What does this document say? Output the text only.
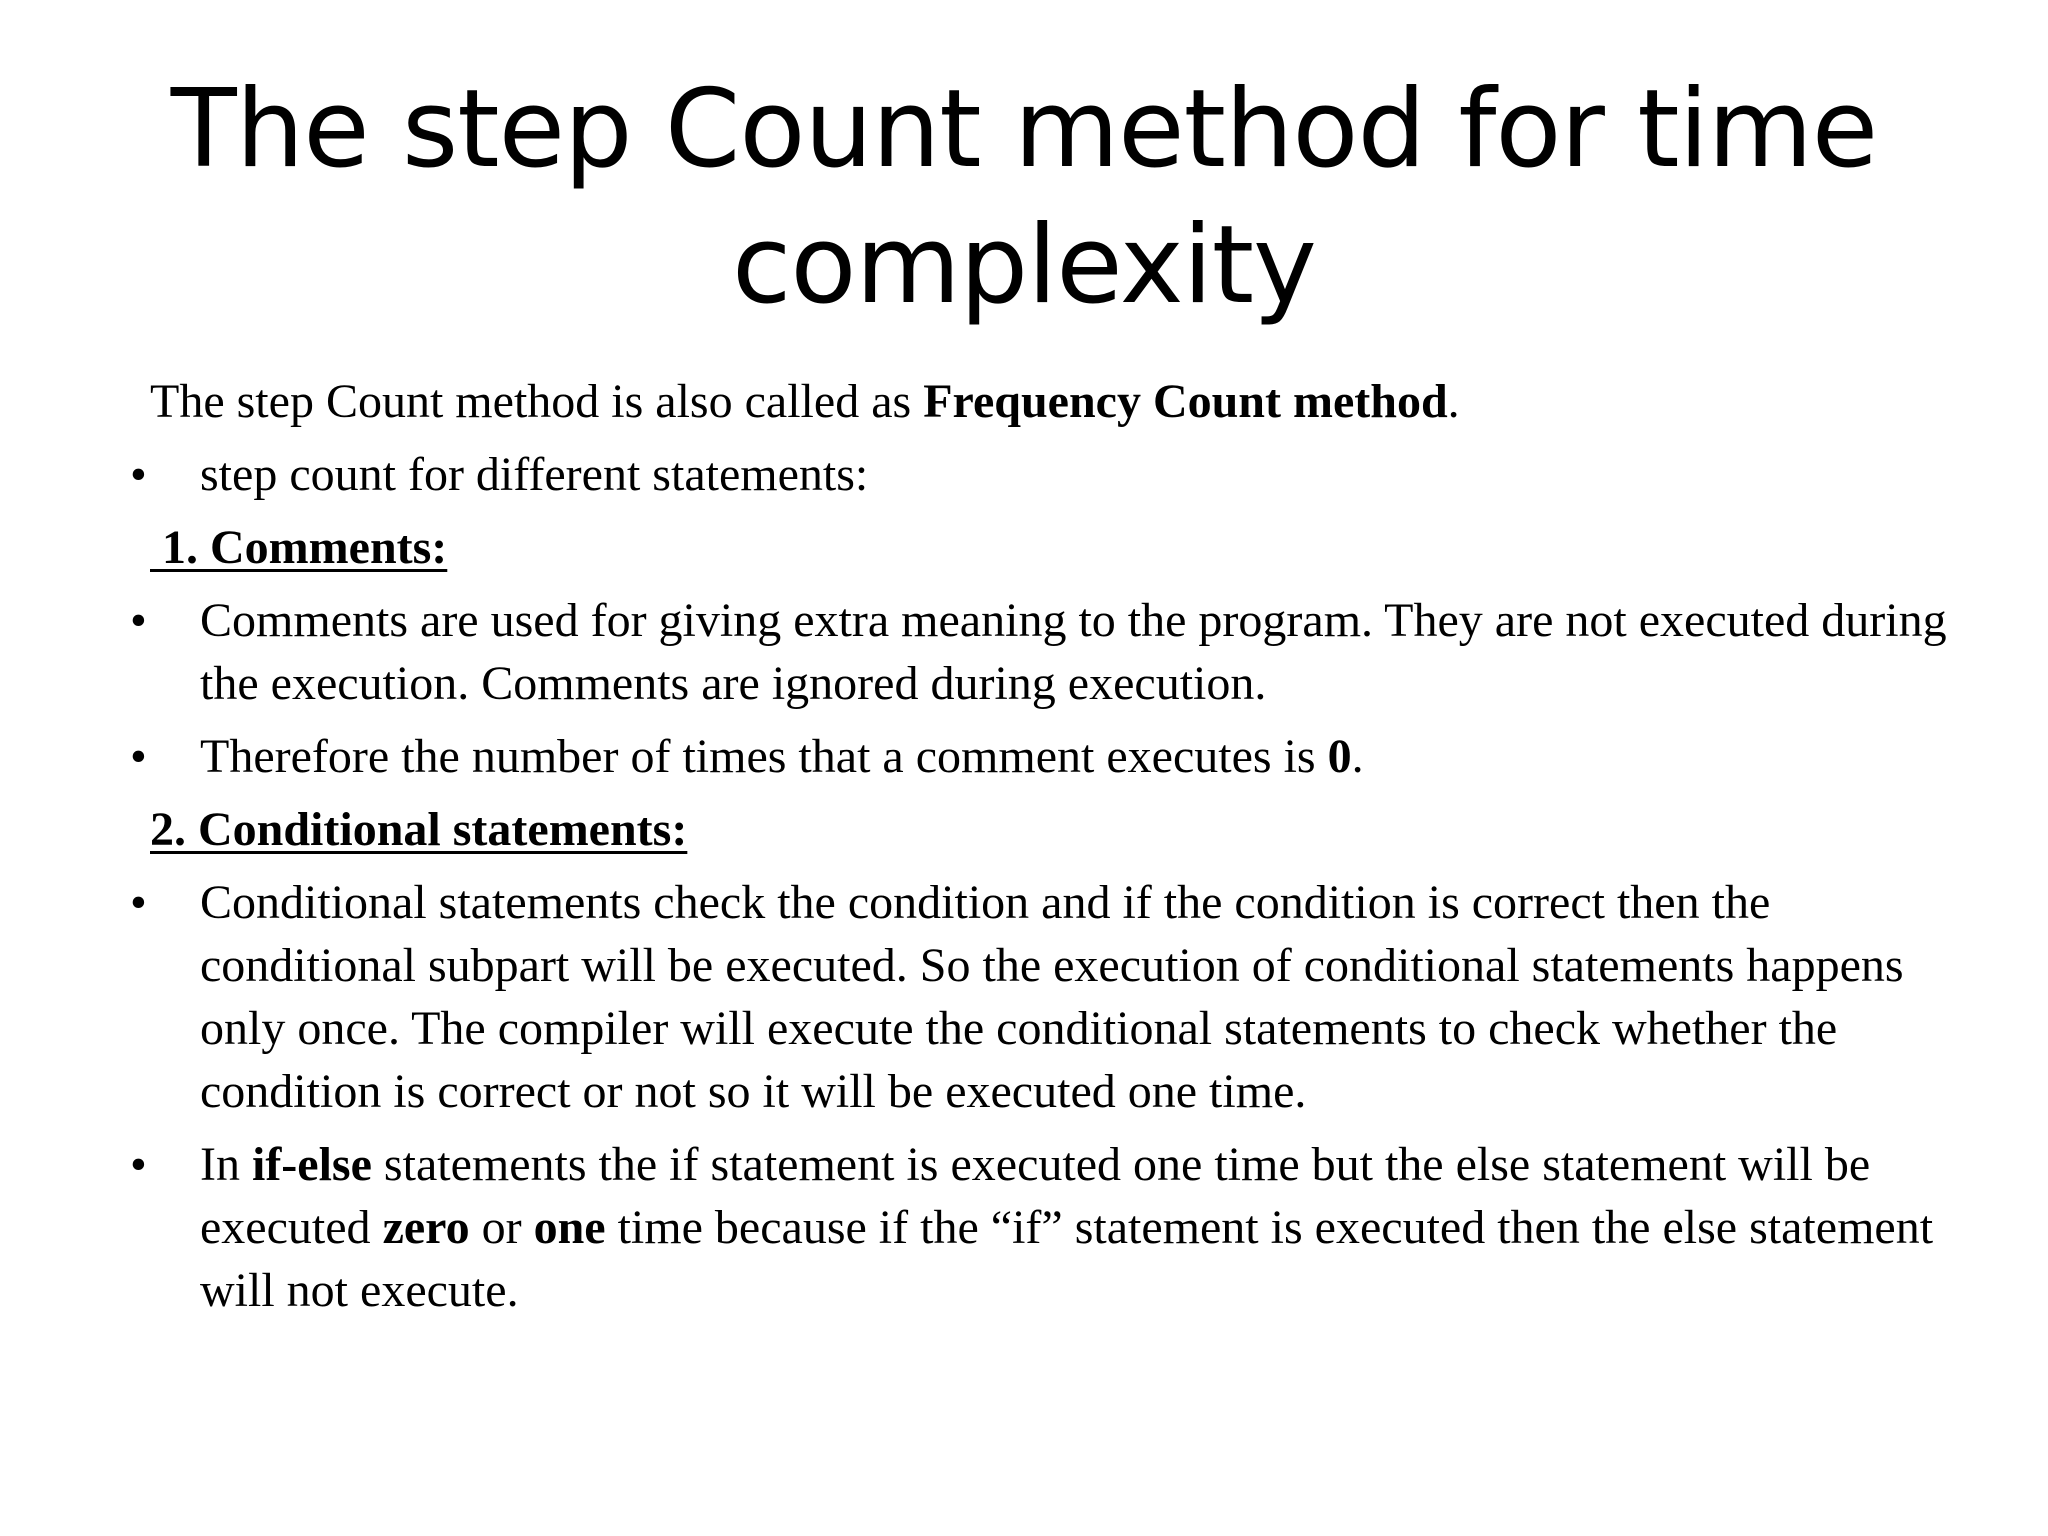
The step Count method for time complexity

The step Count method is also called as Frequency Count method.

• step count for different statements:

1. Comments:

• Comments are used for giving extra meaning to the program. They are not executed during the execution. Comments are ignored during execution.

• Therefore the number of times that a comment executes is 0.

2. Conditional statements:

• Conditional statements check the condition and if the condition is correct then the conditional subpart will be executed. So the execution of conditional statements happens only once. The compiler will execute the conditional statements to check whether the condition is correct or not so it will be executed one time.

• In if-else statements the if statement is executed one time but the else statement will be executed zero or one time because if the “if” statement is executed then the else statement will not execute.
